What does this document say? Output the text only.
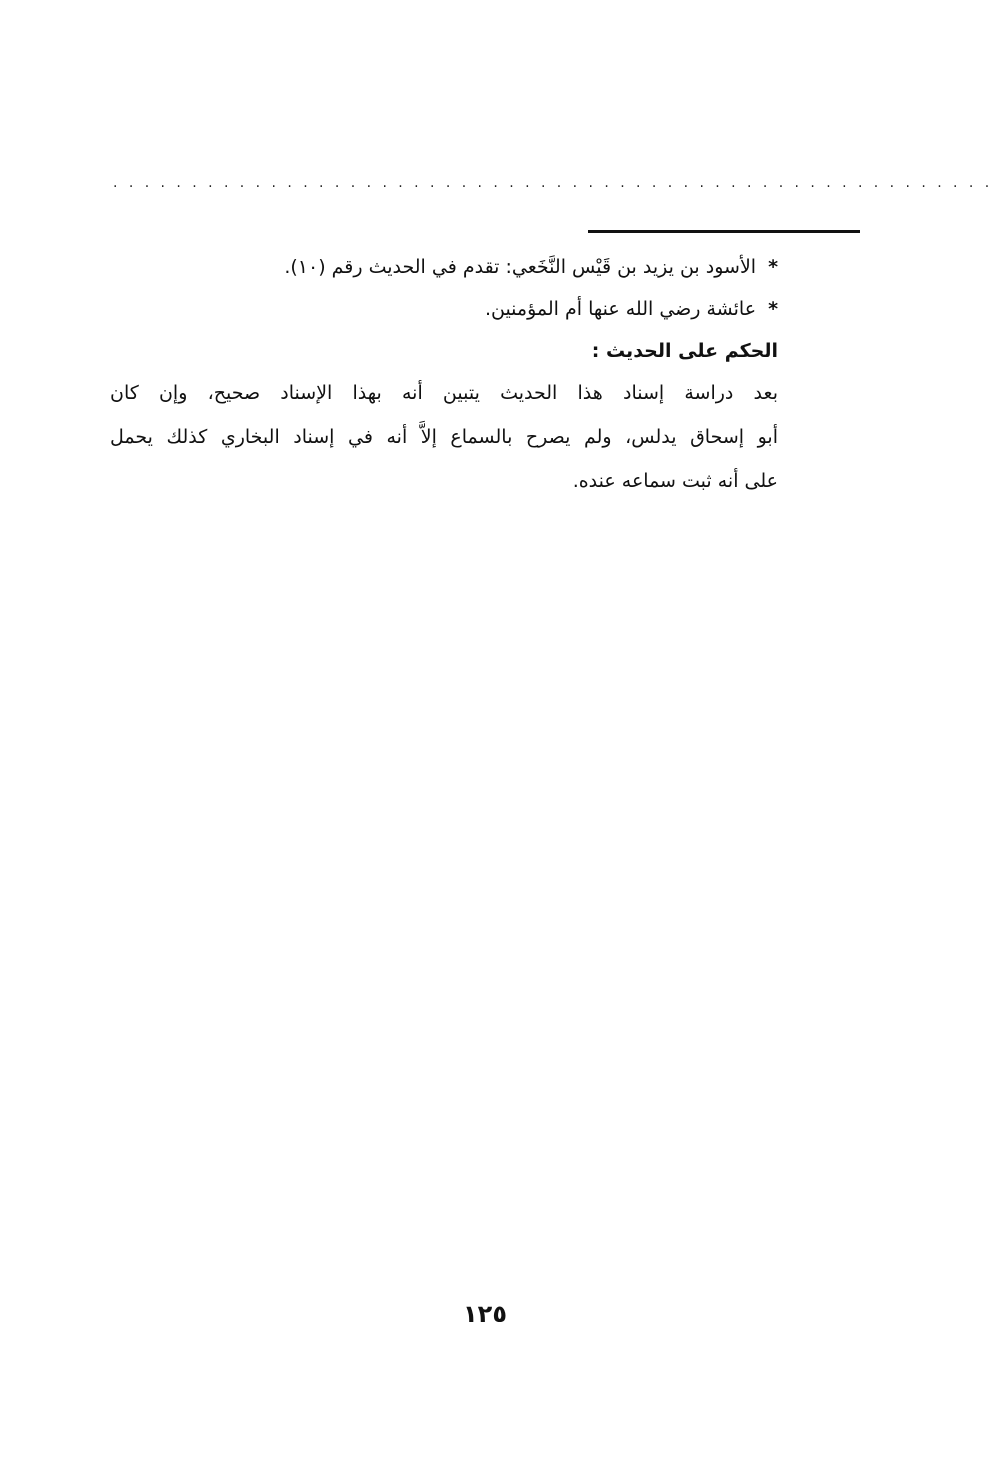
........................................................
*الأسود بن يزيد بن قَيْس النَّخَعي: تقدم في الحديث رقم (١٠).
*عائشة رضي الله عنها أم المؤمنين.
الحكم على الحديث :
بعد دراسة إسناد هذا الحديث يتبين أنه بهذا الإسناد صحيح، وإن كان
أبو إسحاق يدلس، ولم يصرح بالسماع إلاَّ أنه في إسناد البخاري كذلك يحمل
على أنه ثبت سماعه عنده.
١٢٥
